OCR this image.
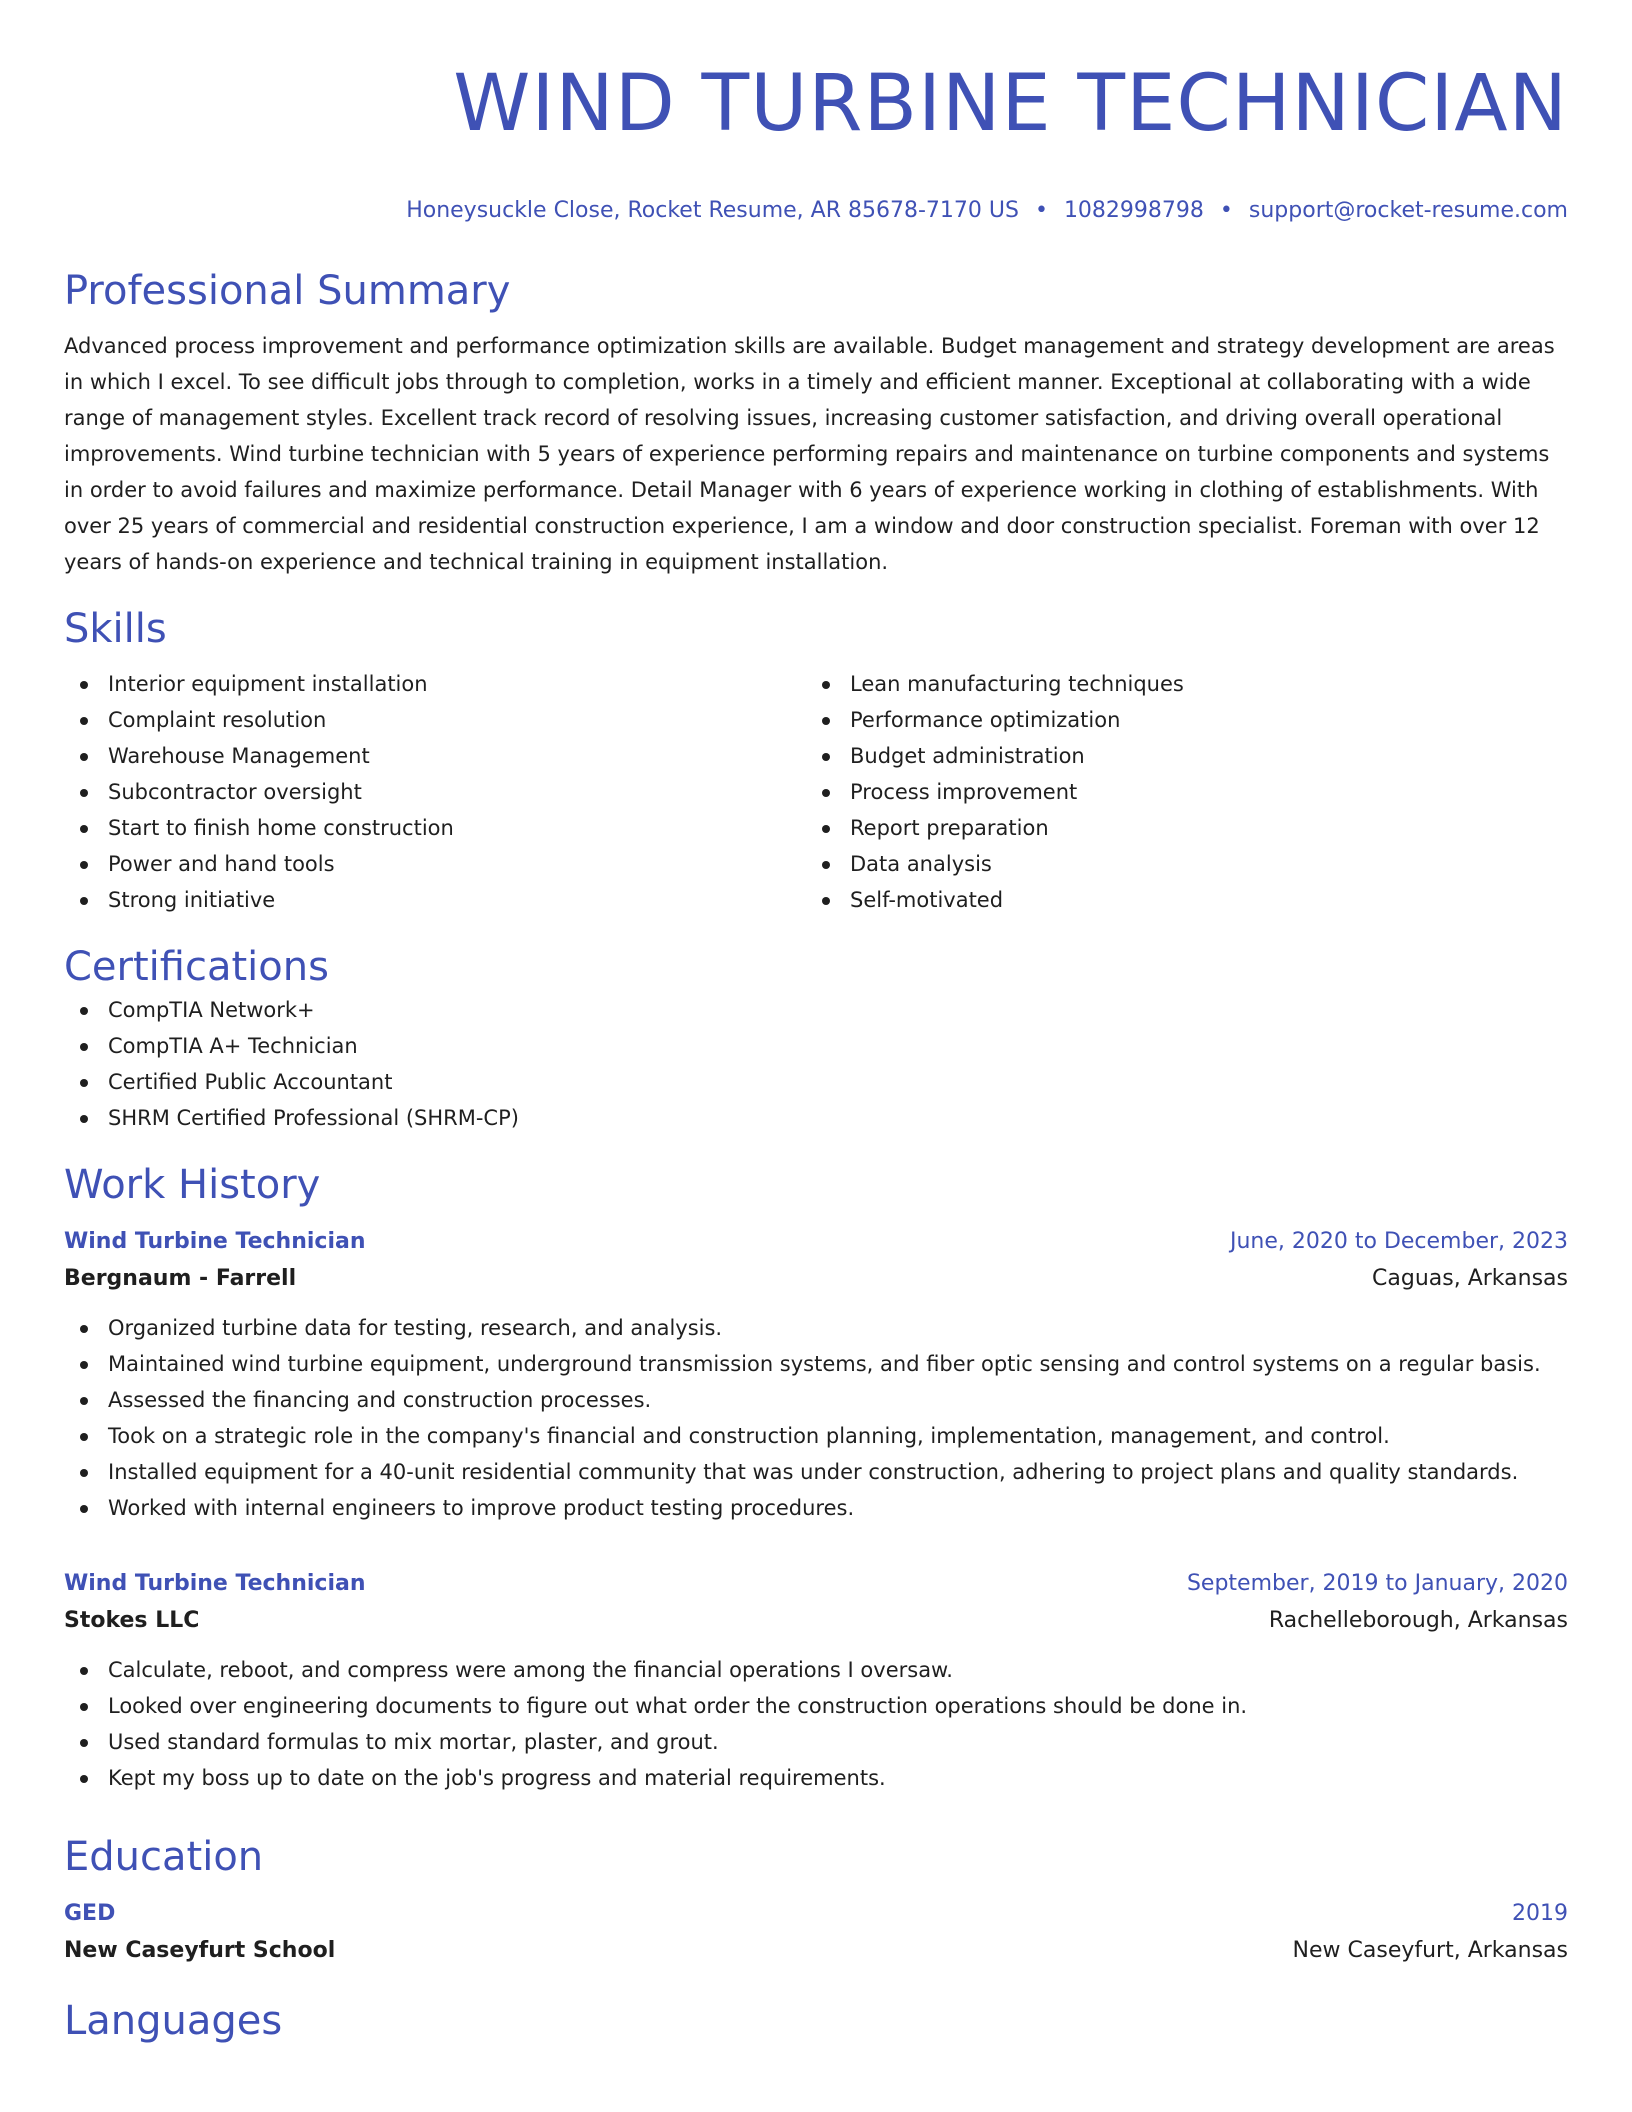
WIND TURBINE TECHNICIAN
Honeysuckle Close, Rocket Resume, AR 85678-7170 US • 1082998798 • support@rocket-resume.com
Professional Summary
Advanced process improvement and performance optimization skills are available. Budget management and strategy development are areas in which I excel. To see difficult jobs through to completion, works in a timely and efficient manner. Exceptional at collaborating with a wide range of management styles. Excellent track record of resolving issues, increasing customer satisfaction, and driving overall operational improvements. Wind turbine technician with 5 years of experience performing repairs and maintenance on turbine components and systems in order to avoid failures and maximize performance. Detail Manager with 6 years of experience working in clothing of establishments. With over 25 years of commercial and residential construction experience, I am a window and door construction specialist. Foreman with over 12 years of hands-on experience and technical training in equipment installation.
Skills
Interior equipment installation
Complaint resolution
Warehouse Management
Subcontractor oversight
Start to finish home construction
Power and hand tools
Strong initiative
Lean manufacturing techniques
Performance optimization
Budget administration
Process improvement
Report preparation
Data analysis
Self-motivated
Certifications
CompTIA Network+
CompTIA A+ Technician
Certified Public Accountant
SHRM Certified Professional (SHRM-CP)
Work History
Wind Turbine Technician	June, 2020 to December, 2023
Bergnaum - Farrell	Caguas, Arkansas
Organized turbine data for testing, research, and analysis.
Maintained wind turbine equipment, underground transmission systems, and fiber optic sensing and control systems on a regular basis.
Assessed the financing and construction processes.
Took on a strategic role in the company's financial and construction planning, implementation, management, and control.
Installed equipment for a 40-unit residential community that was under construction, adhering to project plans and quality standards.
Worked with internal engineers to improve product testing procedures.
Wind Turbine Technician	September, 2019 to January, 2020
Stokes LLC	Rachelleborough, Arkansas
Calculate, reboot, and compress were among the financial operations I oversaw.
Looked over engineering documents to figure out what order the construction operations should be done in.
Used standard formulas to mix mortar, plaster, and grout.
Kept my boss up to date on the job's progress and material requirements.
Education
GED	2019
New Caseyfurt School	New Caseyfurt, Arkansas
Languages
